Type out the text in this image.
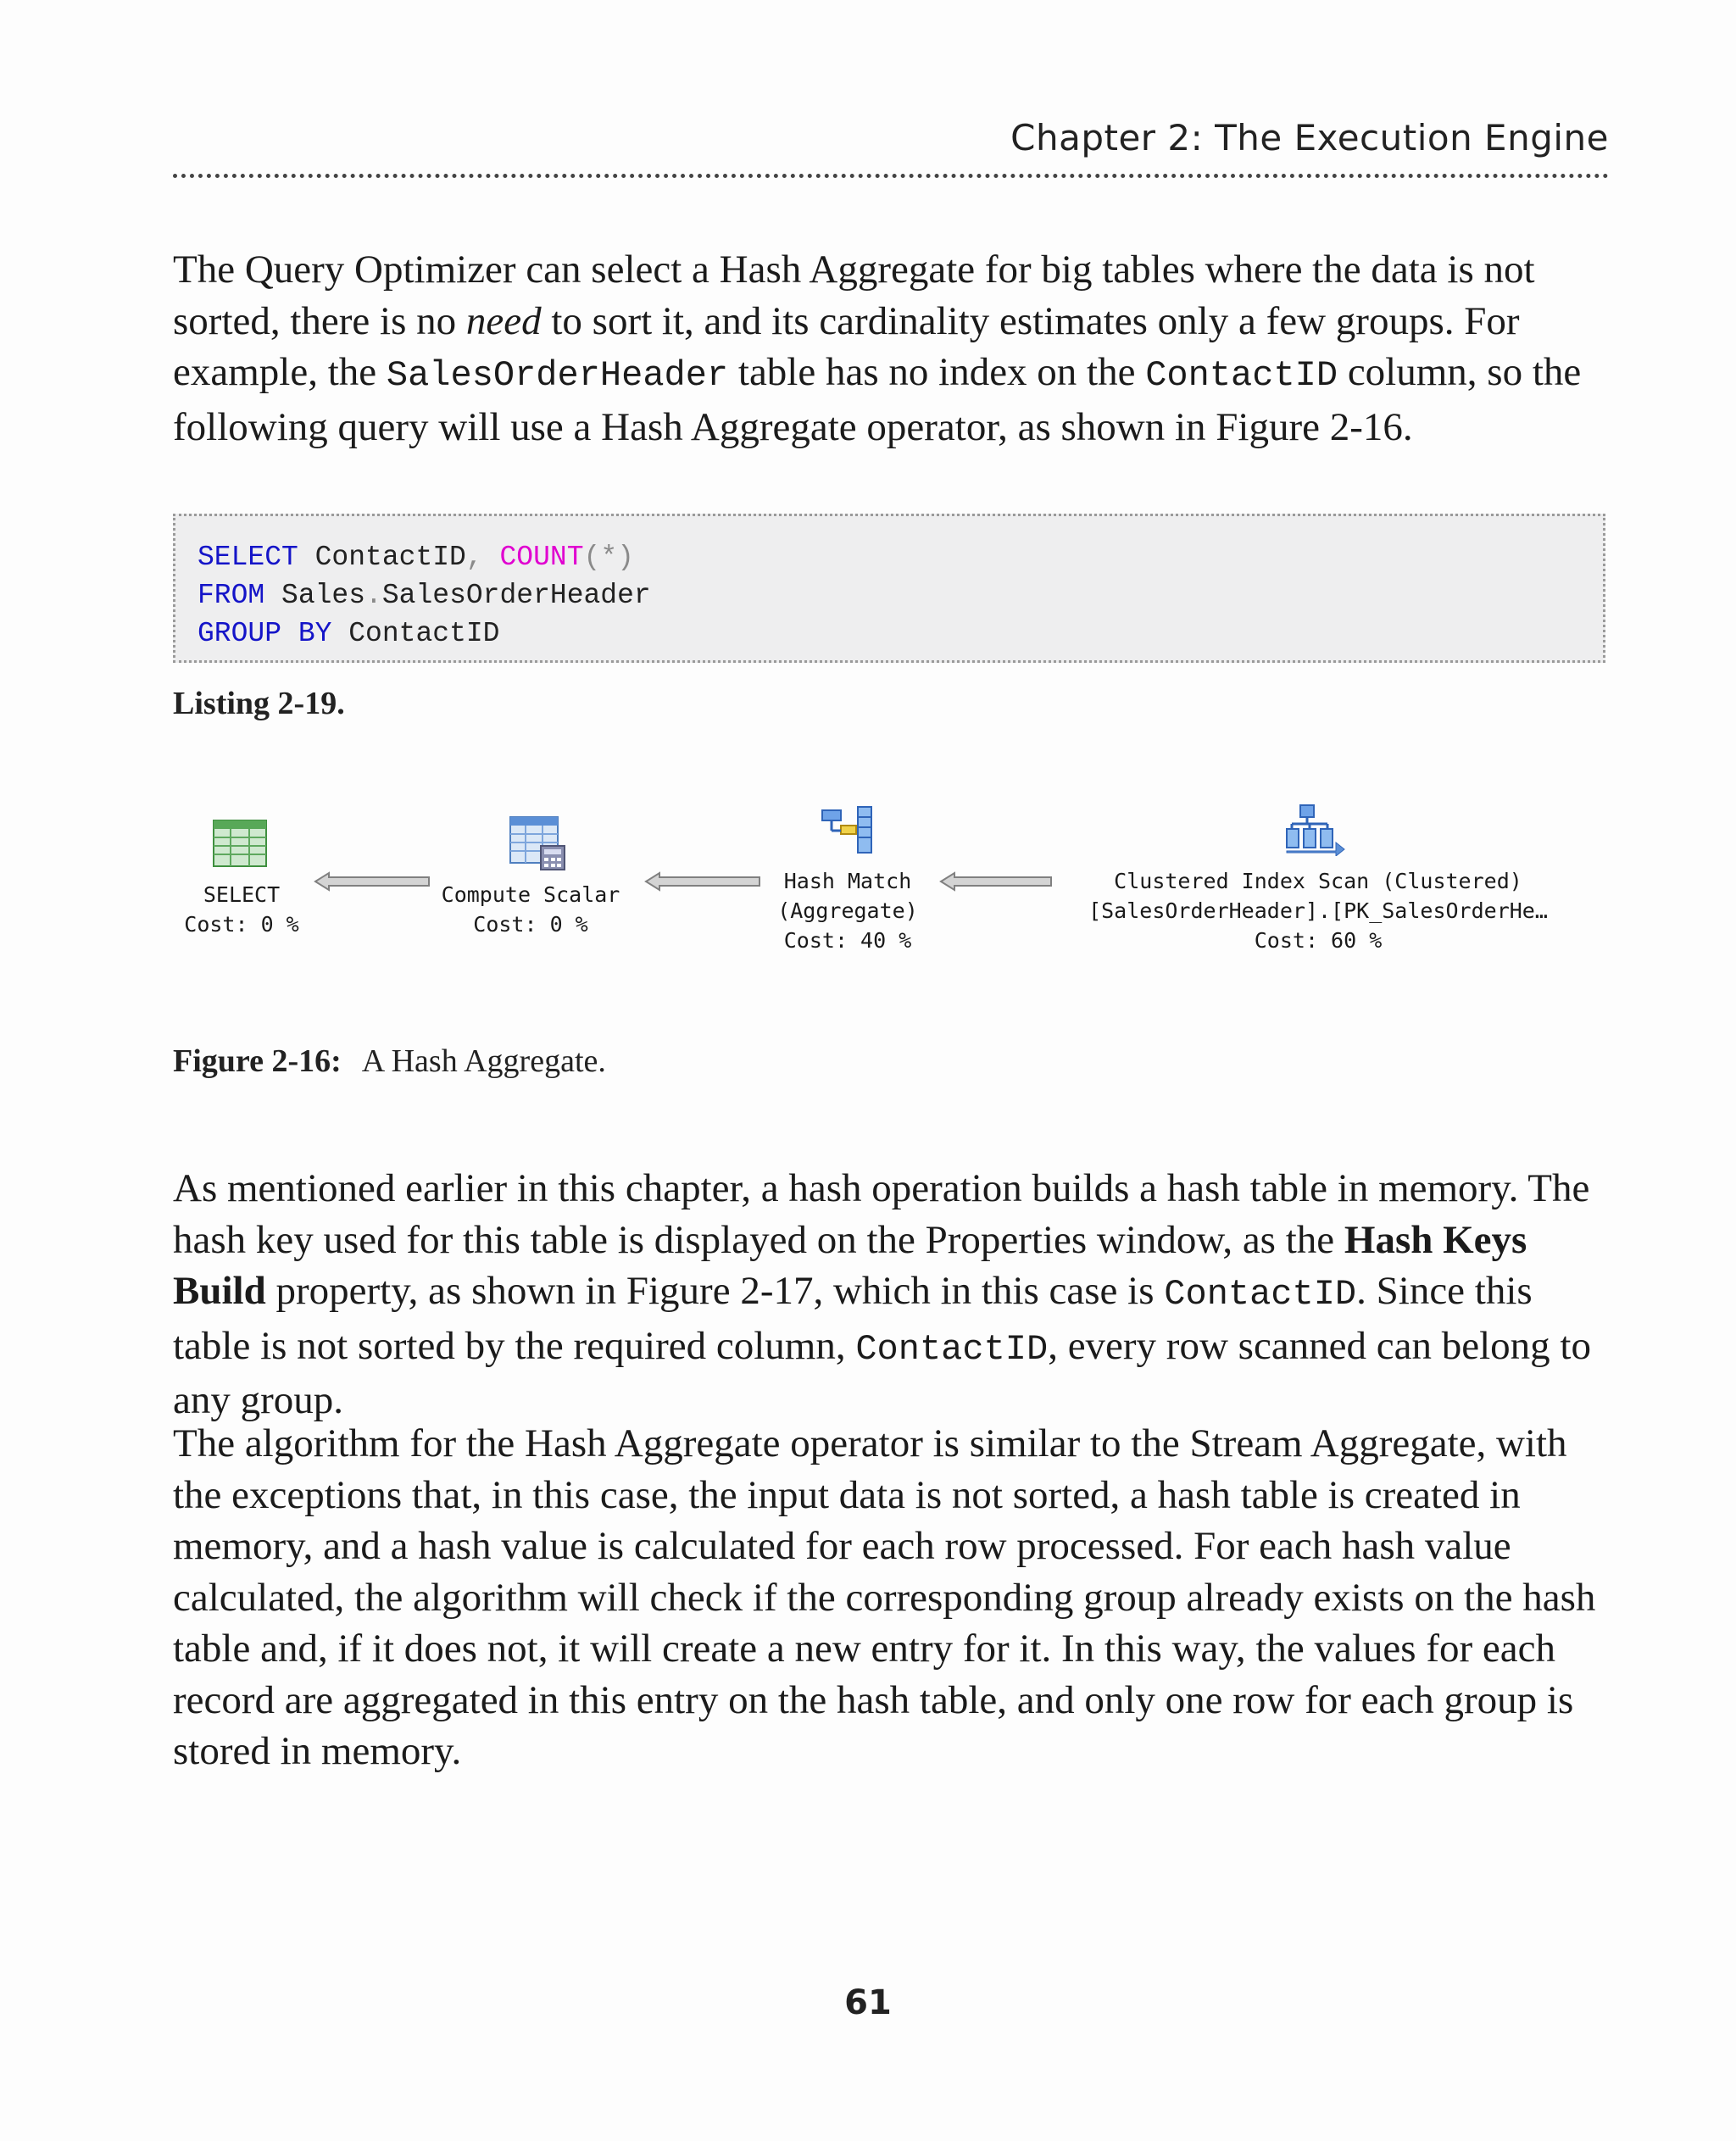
Chapter 2: The Execution Engine
The Query Optimizer can select a Hash Aggregate for big tables where the data is not sorted, there is no need to sort it, and its cardinality estimates only a few groups. For example, the SalesOrderHeader table has no index on the ContactID column, so the following query will use a Hash Aggregate operator, as shown in Figure 2-16.
SELECT ContactID, COUNT(*)
FROM Sales.SalesOrderHeader
GROUP BY ContactID
Listing 2-19.
SELECT
Cost: 0 %
Compute Scalar
Cost: 0 %
Hash Match
(Aggregate)
Cost: 40 %
Clustered Index Scan (Clustered)
[SalesOrderHeader].[PK_SalesOrderHe…
Cost: 60 %
Figure 2-16: A Hash Aggregate.
As mentioned earlier in this chapter, a hash operation builds a hash table in memory. The hash key used for this table is displayed on the Properties window, as the Hash Keys Build property, as shown in Figure 2-17, which in this case is ContactID. Since this table is not sorted by the required column, ContactID, every row scanned can belong to any group.
The algorithm for the Hash Aggregate operator is similar to the Stream Aggregate, with the exceptions that, in this case, the input data is not sorted, a hash table is created in memory, and a hash value is calculated for each row processed. For each hash value calculated, the algorithm will check if the corresponding group already exists on the hash table and, if it does not, it will create a new entry for it. In this way, the values for each record are aggregated in this entry on the hash table, and only one row for each group is stored in memory.
61
